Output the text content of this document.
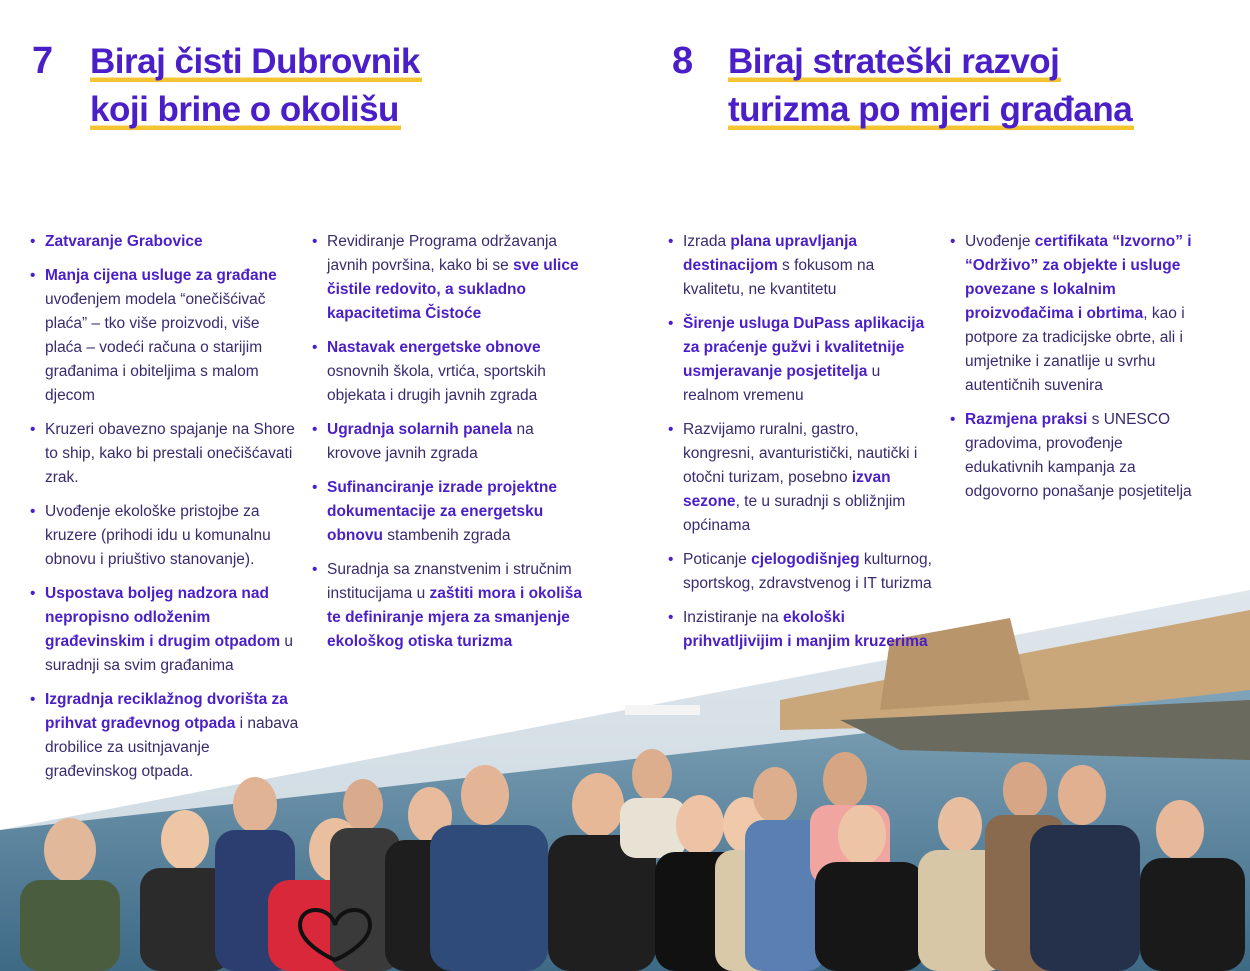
7 Biraj čisti Dubrovnik
koji brine o okolišu
8 Biraj strateški razvoj
turizma po mjeri građana
• Zatvaranje Grabovice
• Manja cijena usluge za građane uvođenjem modela “onečišćivač plaća” – tko više proizvodi, više plaća – vodeći računa o starijim građanima i obiteljima s malom djecom
• Kruzeri obavezno spajanje na Shore to ship, kako bi prestali onečišćavati zrak.
• Uvođenje ekološke pristojbe za kruzere (prihodi idu u komunalnu obnovu i priuštivo stanovanje).
• Uspostava boljeg nadzora nad nepropisno odloženim građevinskim i drugim otpadom u suradnji sa svim građanima
• Izgradnja reciklažnog dvorišta za prihvat građevnog otpada i nabava drobilice za usitnjavanje građevinskog otpada.
• Revidiranje Programa održavanja javnih površina, kako bi se sve ulice čistile redovito, a sukladno kapacitetima Čistoće
• Nastavak energetske obnove osnovnih škola, vrtića, sportskih objekata i drugih javnih zgrada
• Ugradnja solarnih panela na krovove javnih zgrada
• Sufinanciranje izrade projektne dokumentacije za energetsku obnovu stambenih zgrada
• Suradnja sa znanstvenim i stručnim institucijama u zaštiti mora i okoliša te definiranje mjera za smanjenje ekološkog otiska turizma
• Izrada plana upravljanja destinacijom s fokusom na kvalitetu, ne kvantitetu
• Širenje usluga DuPass aplikacija za praćenje gužvi i kvalitetnije usmjeravanje posjetitelja u realnom vremenu
• Razvijamo ruralni, gastro, kongresni, avanturistički, nautički i otočni turizam, posebno izvan sezone, te u suradnji s obližnjim općinama
• Poticanje cjelogodišnjeg kulturnog, sportskog, zdravstvenog i IT turizma
• Inzistiranje na ekološki prihvatljivijim i manjim kruzerima
• Uvođenje certifikata “Izvorno” i “Održivo” za objekte i usluge povezane s lokalnim proizvođačima i obrtima, kao i potpore za tradicijske obrte, ali i umjetnike i zanatlije u svrhu autentičnih suvenira
• Razmjena praksi s UNESCO gradovima, provođenje edukativnih kampanja za odgovorno ponašanje posjetitelja
